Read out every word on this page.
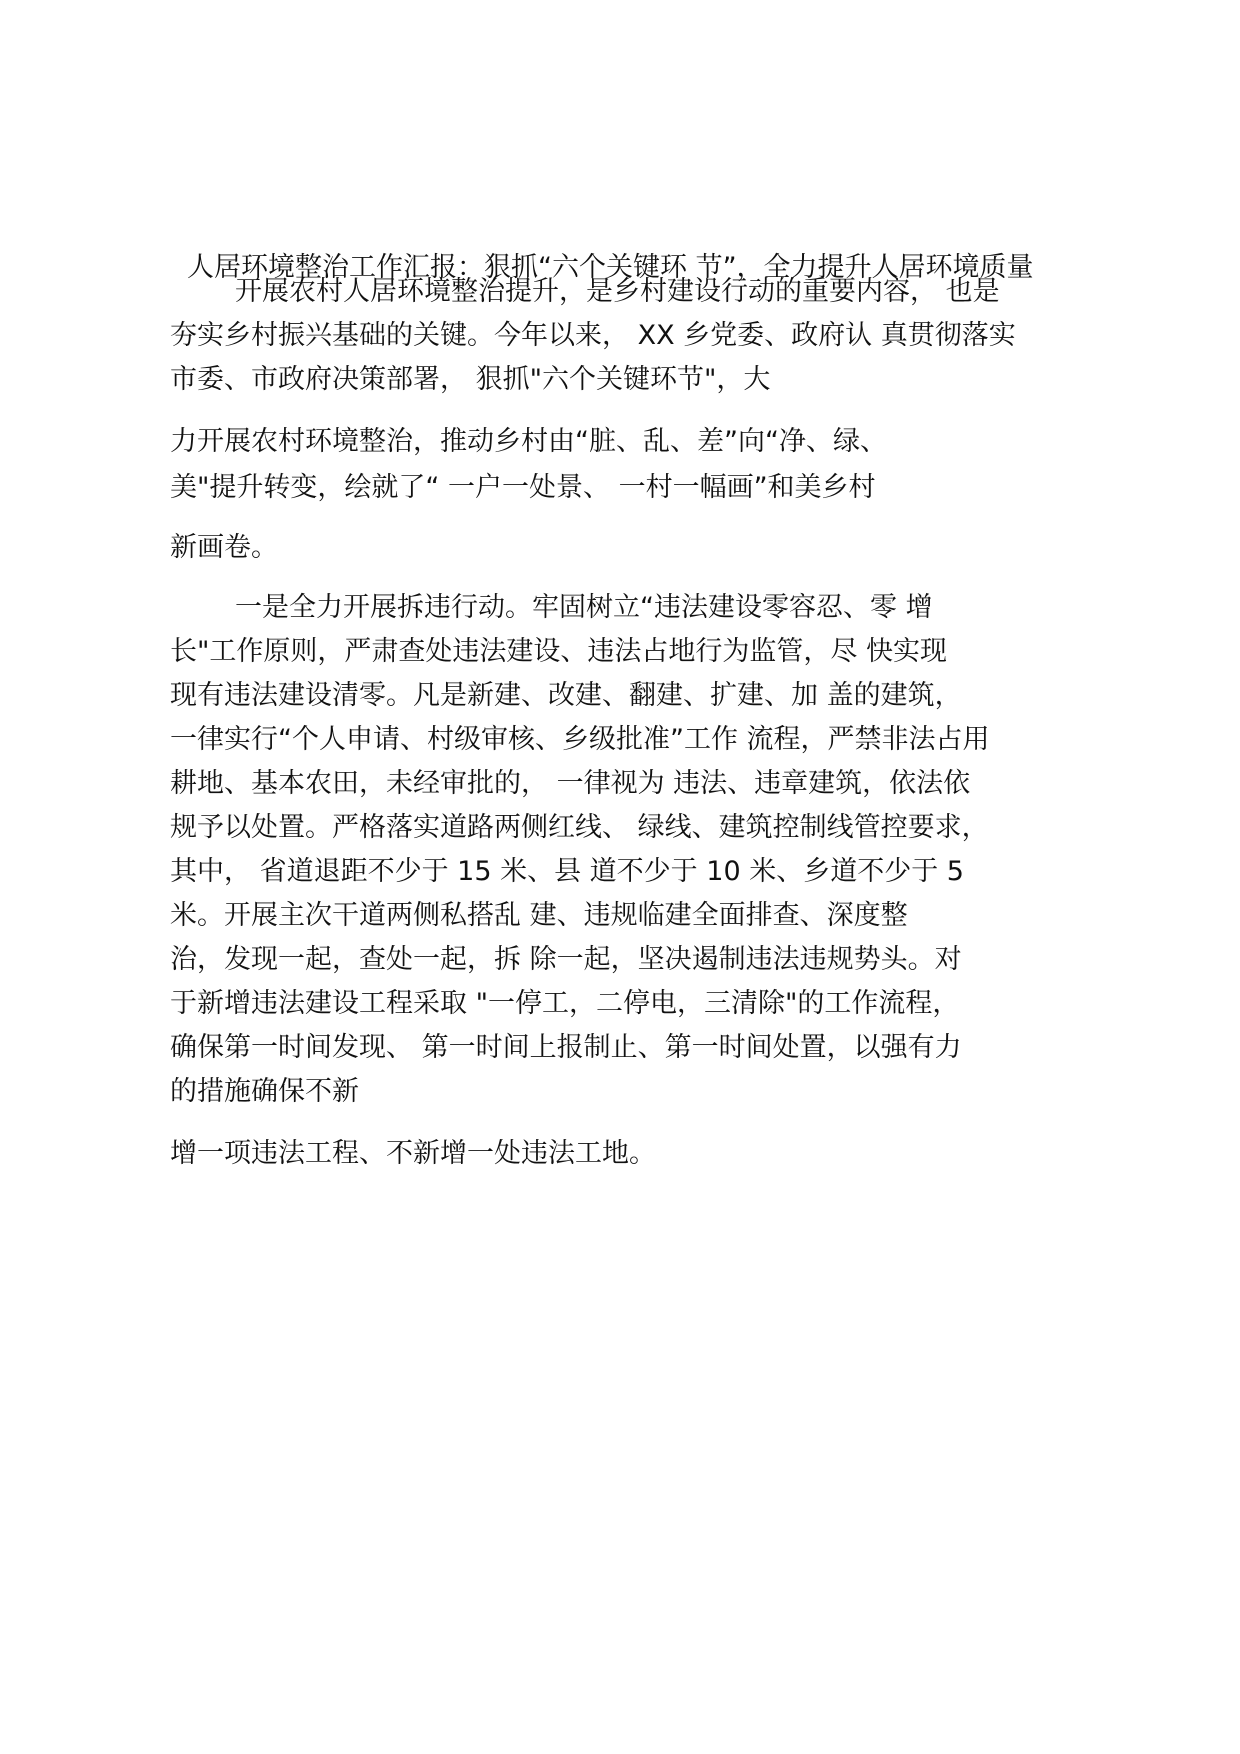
人居环境整治工作汇报：狠抓“六个关键环 节”，全力提升人居环境质量
开展农村人居环境整治提升，是乡村建设行动的重要内容， 也是
夯实乡村振兴基础的关键。今年以来， XX 乡党委、政府认 真贯彻落实
市委、市政府决策部署， 狠抓"六个关键环节"，大
力开展农村环境整治，推动乡村由“脏、乱、差”向“净、绿、
美"提升转变，绘就了“ 一户一处景、 一村一幅画”和美乡村
新画卷。
一是全力开展拆违行动。牢固树立“违法建设零容忍、零 增
长"工作原则，严肃查处违法建设、违法占地行为监管，尽 快实现
现有违法建设清零。凡是新建、改建、翻建、扩建、加 盖的建筑，
一律实行“个人申请、村级审核、乡级批准”工作 流程，严禁非法占用
耕地、基本农田，未经审批的， 一律视为 违法、违章建筑，依法依
规予以处置。严格落实道路两侧红线、 绿线、建筑控制线管控要求，
其中， 省道退距不少于 15 米、县 道不少于 10 米、乡道不少于 5
米。开展主次干道两侧私搭乱 建、违规临建全面排查、深度整
治，发现一起，查处一起，拆 除一起，坚决遏制违法违规势头。对
于新增违法建设工程采取 "一停工，二停电，三清除"的工作流程，
确保第一时间发现、 第一时间上报制止、第一时间处置，以强有力
的措施确保不新
增一项违法工程、不新增一处违法工地。
